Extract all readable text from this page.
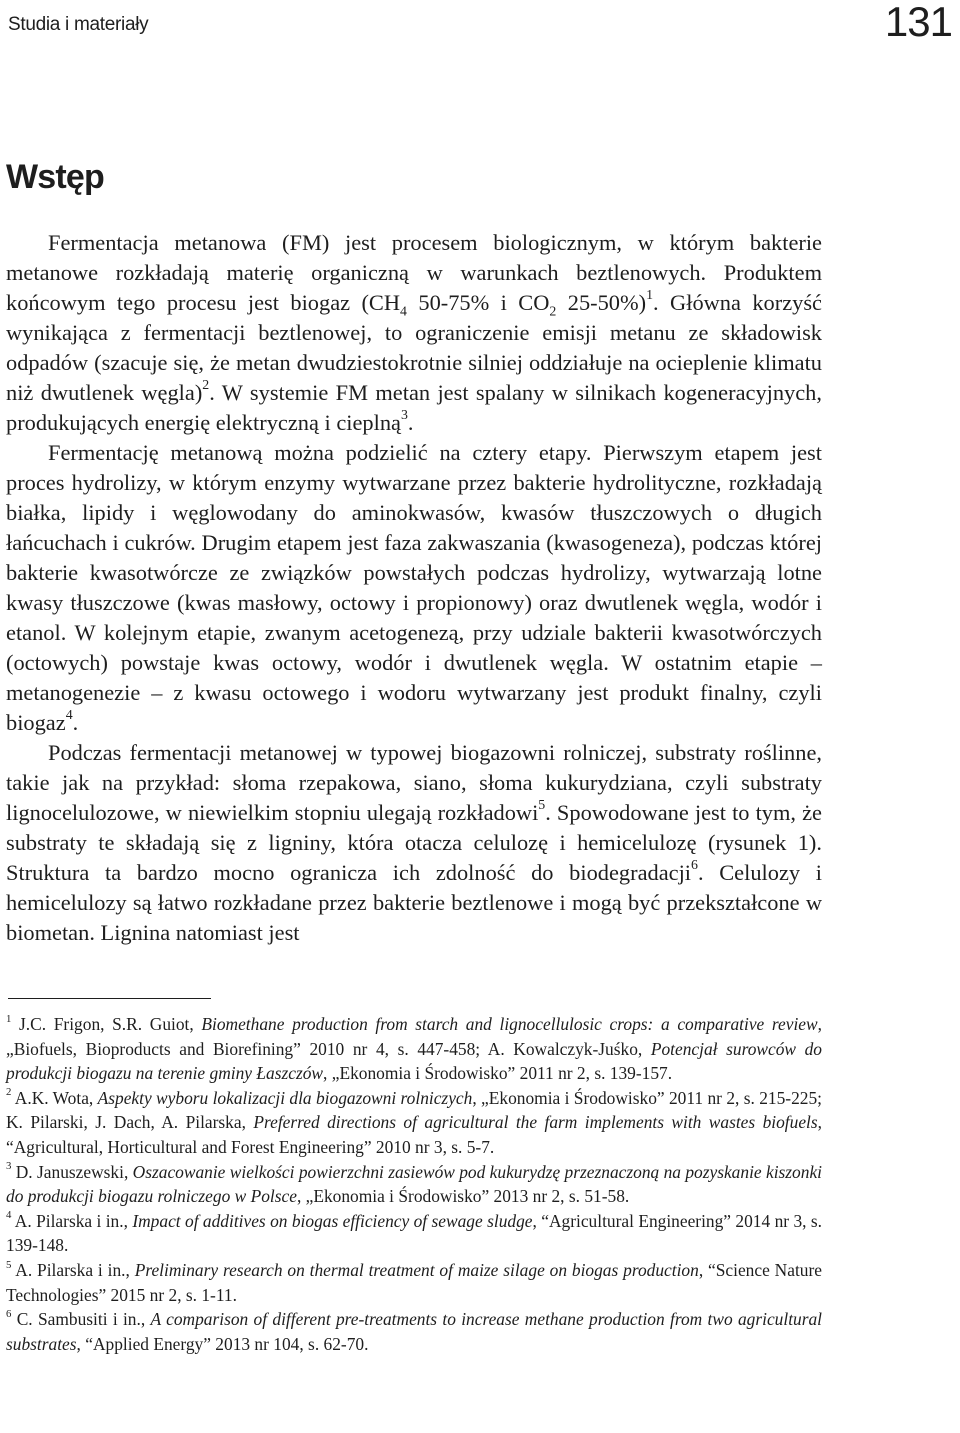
Studia i materiały	131
Wstęp

Fermentacja metanowa (FM) jest procesem biologicznym, w którym bakterie metanowe rozkładają materię organiczną w warunkach beztlenowych. Produktem końcowym tego procesu jest biogaz ($CH_4$ 50-75% i $CO_2$ 25-50%)$^1$. Główna korzyść wynikająca z fermentacji beztlenowej, to ograniczenie emisji metanu ze składowisk odpadów (szacuje się, że metan dwudziestokrotnie silniej oddziałuje na ocieplenie klimatu niż dwutlenek węgla)$^2$. W systemie FM metan jest spalany w silnikach kogeneracyjnych, produkujących energię elektryczną i cieplną$^3$.

Fermentację metanową można podzielić na cztery etapy. Pierwszym etapem jest proces hydrolizy, w którym enzymy wytwarzane przez bakterie hydrolityczne, rozkładają białka, lipidy i węglowodany do aminokwasów, kwasów tłuszczowych o długich łańcuchach i cukrów. Drugim etapem jest faza zakwaszania (kwasogeneza), podczas której bakterie kwasotwórcze ze związków powstałych podczas hydrolizy, wytwarzają lotne kwasy tłuszczowe (kwas masłowy, octowy i propionowy) oraz dwutlenek węgla, wodór i etanol. W kolejnym etapie, zwanym acetogenezą, przy udziale bakterii kwasotwórczych (octowych) powstaje kwas octowy, wodór i dwutlenek węgla. W ostatnim etapie – metanogenezie – z kwasu octowego i wodoru wytwarzany jest produkt finalny, czyli biogaz$^4$.

Podczas fermentacji metanowej w typowej biogazowni rolniczej, substraty roślinne, takie jak na przykład: słoma rzepakowa, siano, słoma kukurydziana, czyli substraty lignocelulozowe, w niewielkim stopniu ulegają rozkładowi$^5$. Spowodowane jest to tym, że substraty te składają się z ligniny, która otacza celulozę i hemicelulozę (rysunek 1). Struktura ta bardzo mocno ogranicza ich zdolność do biodegradacji$^6$. Celulozy i hemicelulozy są łatwo rozkładane przez bakterie beztlenowe i mogą być przekształcone w biometan. Lignina natomiast jest

$^1$ J.C. Frigon, S.R. Guiot, Biomethane production from starch and lignocellulosic crops: a comparative review, „Biofuels, Bioproducts and Biorefining” 2010 nr 4, s. 447-458; A. Kowalczyk-Juśko, Potencjał surowców do produkcji biogazu na terenie gminy Łaszczów, „Ekonomia i Środowisko” 2011 nr 2, s. 139-157.

$^2$ A.K. Wota, Aspekty wyboru lokalizacji dla biogazowni rolniczych, „Ekonomia i Środowisko” 2011 nr 2, s. 215-225; K. Pilarski, J. Dach, A. Pilarska, Preferred directions of agricultural the farm implements with wastes biofuels, “Agricultural, Horticultural and Forest Engineering” 2010 nr 3, s. 5-7.

$^3$ D. Januszewski, Oszacowanie wielkości powierzchni zasiewów pod kukurydzę przeznaczoną na pozyskanie kiszonki do produkcji biogazu rolniczego w Polsce, „Ekonomia i Środowisko” 2013 nr 2, s. 51-58.

$^4$ A. Pilarska i in., Impact of additives on biogas efficiency of sewage sludge, “Agricultural Engineering” 2014 nr 3, s. 139-148.

$^5$ A. Pilarska i in., Preliminary research on thermal treatment of maize silage on biogas production, “Science Nature Technologies” 2015 nr 2, s. 1-11.

$^6$ C. Sambusiti i in., A comparison of different pre-treatments to increase methane production from two agricultural substrates, “Applied Energy” 2013 nr 104, s. 62-70.
